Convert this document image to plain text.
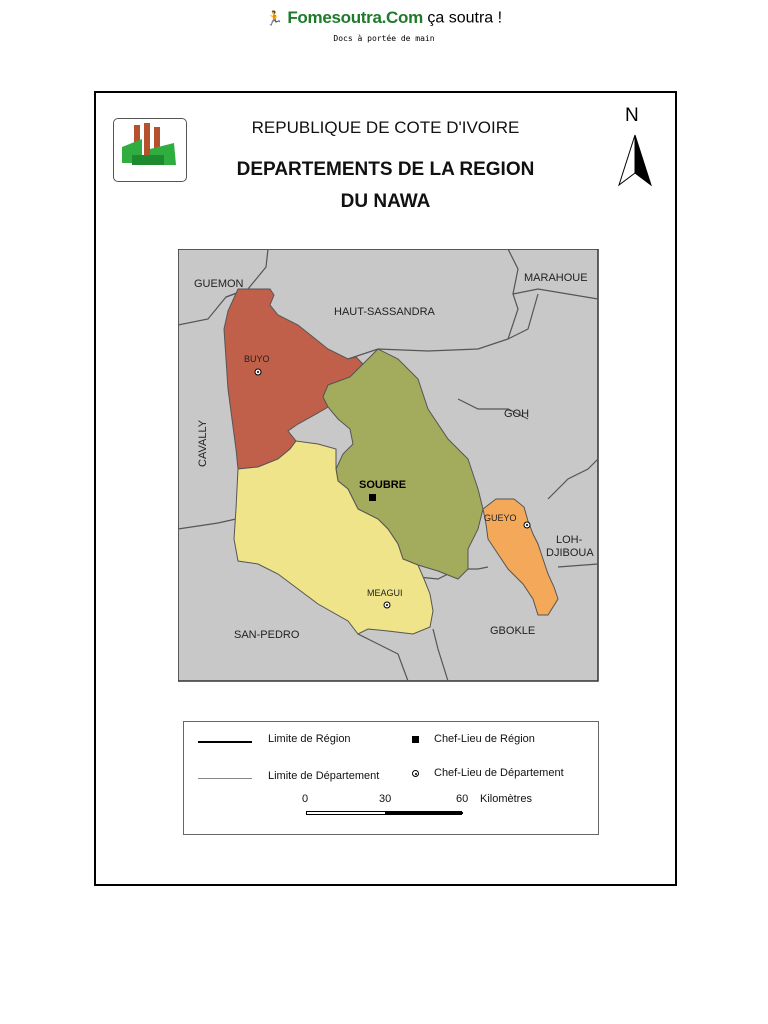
🏃 Fomesoutra.Com ça soutra !
Docs à portée de main
REPUBLIQUE DE COTE D'IVOIRE
DEPARTEMENTS DE LA REGION
DU NAWA
N
GUEMON
HAUT-SASSANDRA
MARAHOUE
GOH
CAVALLY
LOH-
DJIBOUA
SAN-PEDRO	GBOKLE
BUYO
SOUBRE
GUEYO
MEAGUI
Limite de Région	Chef-Lieu de Région
Limite de Département	Chef-Lieu de Département
0	30	60 Kilomètres
